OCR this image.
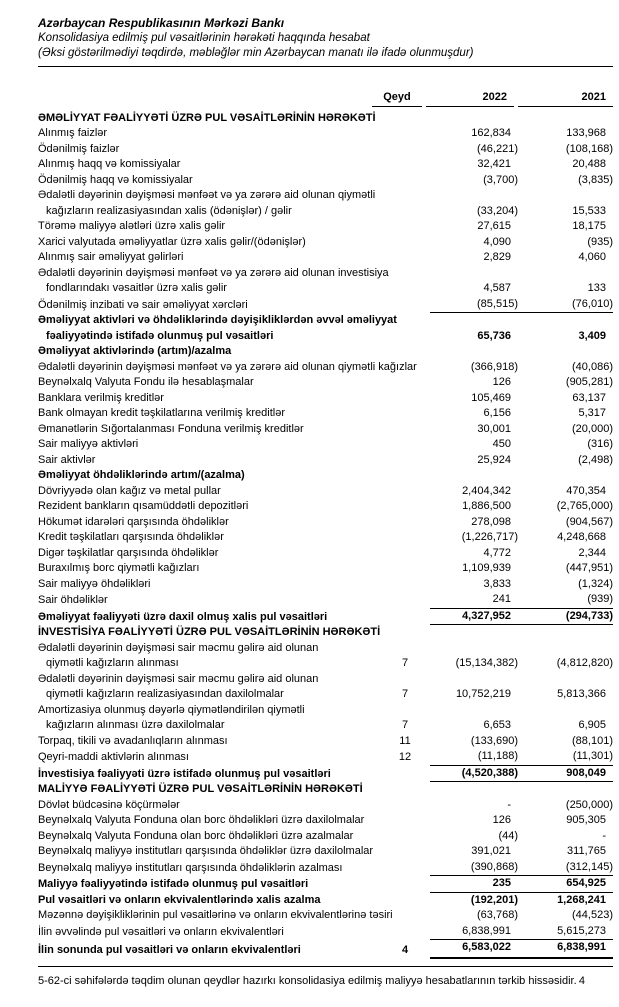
Azərbaycan Respublikasının Mərkəzi Bankı
Konsolidasiya edilmiş pul vəsaitlərinin hərəkəti haqqında hesabat
(Əksi göstərilmədiyi təqdirdə, məbləğlər min Azərbaycan manatı ilə ifadə olunmuşdur)
Qeyd	2022	2021
ƏMƏLİYYAT FƏALİYYƏTİ ÜZRƏ PUL VƏSAİTLƏRİNİN HƏRƏKƏTİ
Alınmış faizlər	162,834	133,968
Ödənilmiş faizlər	(46,221)	(108,168)
Alınmış haqq və komissiyalar	32,421	20,488
Ödənilmiş haqq və komissiyalar	(3,700)	(3,835)
Ədalətli dəyərinin dəyişməsi mənfəət və ya zərərə aid olunan qiymətli
kağızların realizasiyasından xalis (ödənişlər) / gəlir	(33,204)	15,533
Törəmə maliyyə alətləri üzrə xalis gəlir	27,615	18,175
Xarici valyutada əməliyyatlar üzrə xalis gəlir/(ödənişlər)	4,090	(935)
Alınmış sair əməliyyat gəlirləri	2,829	4,060
Ədalətli dəyərinin dəyişməsi mənfəət və ya zərərə aid olunan investisiya
fondlarındakı vəsaitlər üzrə xalis gəlir	4,587	133
Ödənilmiş inzibati və sair əməliyyat xərcləri	(85,515)	(76,010)
Əməliyyat aktivləri və öhdəliklərində dəyişikliklərdən əvvəl əməliyyat
fəaliyyətində istifadə olunmuş pul vəsaitləri	65,736	3,409
Əməliyyat aktivlərində (artım)/azalma
Ədalətli dəyərinin dəyişməsi mənfəət və ya zərərə aid olunan qiymətli kağızlar	(366,918)	(40,086)
Beynəlxalq Valyuta Fondu ilə hesablaşmalar	126	(905,281)
Banklara verilmiş kreditlər	105,469	63,137
Bank olmayan kredit təşkilatlarına verilmiş kreditlər	6,156	5,317
Əmanətlərin Sığortalanması Fonduna verilmiş kreditlər	30,001	(20,000)
Sair maliyyə aktivləri	450	(316)
Sair aktivlər	25,924	(2,498)
Əməliyyat öhdəliklərində artım/(azalma)
Dövriyyədə olan kağız və metal pullar	2,404,342	470,354
Rezident bankların qısamüddətli depozitləri	1,886,500	(2,765,000)
Hökumət idarələri qarşısında öhdəliklər	278,098	(904,567)
Kredit təşkilatları qarşısında öhdəliklər	(1,226,717)	4,248,668
Digər təşkilatlar qarşısında öhdəliklər	4,772	2,344
Buraxılmış borc qiymətli kağızları	1,109,939	(447,951)
Sair maliyyə öhdəlikləri	3,833	(1,324)
Sair öhdəliklər	241	(939)
Əməliyyat fəaliyyəti üzrə daxil olmuş xalis pul vəsaitləri	4,327,952	(294,733)
İNVESTİSİYA FƏALİYYƏTİ ÜZRƏ PUL VƏSAİTLƏRİNİN HƏRƏKƏTİ
Ədalətli dəyərinin dəyişməsi sair məcmu gəlirə aid olunan
qiymətli kağızların alınması	7	(15,134,382)	(4,812,820)
Ədalətli dəyərinin dəyişməsi sair məcmu gəlirə aid olunan
qiymətli kağızların realizasiyasından daxilolmalar	7	10,752,219	5,813,366
Amortizasiya olunmuş dəyərlə qiymətləndirilən qiymətli
kağızların alınması üzrə daxilolmalar	7	6,653	6,905
Torpaq, tikili və avadanlıqların alınması	11	(133,690)	(88,101)
Qeyri-maddi aktivlərin alınması	12	(11,188)	(11,301)
İnvestisiya fəaliyyəti üzrə istifadə olunmuş pul vəsaitləri	(4,520,388)	908,049
MALİYYƏ FƏALİYYƏTİ ÜZRƏ PUL VƏSAİTLƏRİNİN HƏRƏKƏTİ
Dövlət büdcəsinə köçürmələr	-	(250,000)
Beynəlxalq Valyuta Fonduna olan borc öhdəlikləri üzrə daxilolmalar	126	905,305
Beynəlxalq Valyuta Fonduna olan borc öhdəlikləri üzrə azalmalar	(44)	-
Beynəlxalq maliyyə institutları qarşısında öhdəliklər üzrə daxilolmalar	391,021	311,765
Beynəlxalq maliyyə institutları qarşısında öhdəliklərin azalması	(390,868)	(312,145)
Maliyyə fəaliyyətində istifadə olunmuş pul vəsaitləri	235	654,925
Pul vəsaitləri və onların ekvivalentlərində xalis azalma	(192,201)	1,268,241
Məzənnə dəyişikliklərinin pul vəsaitlərinə və onların ekvivalentlərinə təsiri	(63,768)	(44,523)
İlin əvvəlində pul vəsaitləri və onların ekvivalentləri	6,838,991	5,615,273
İlin sonunda pul vəsaitləri və onların ekvivalentləri	4	6,583,022	6,838,991
5-62-ci səhifələrdə təqdim olunan qeydlər hazırkı konsolidasiya edilmiş maliyyə hesabatlarının tərkib hissəsidir. 4
